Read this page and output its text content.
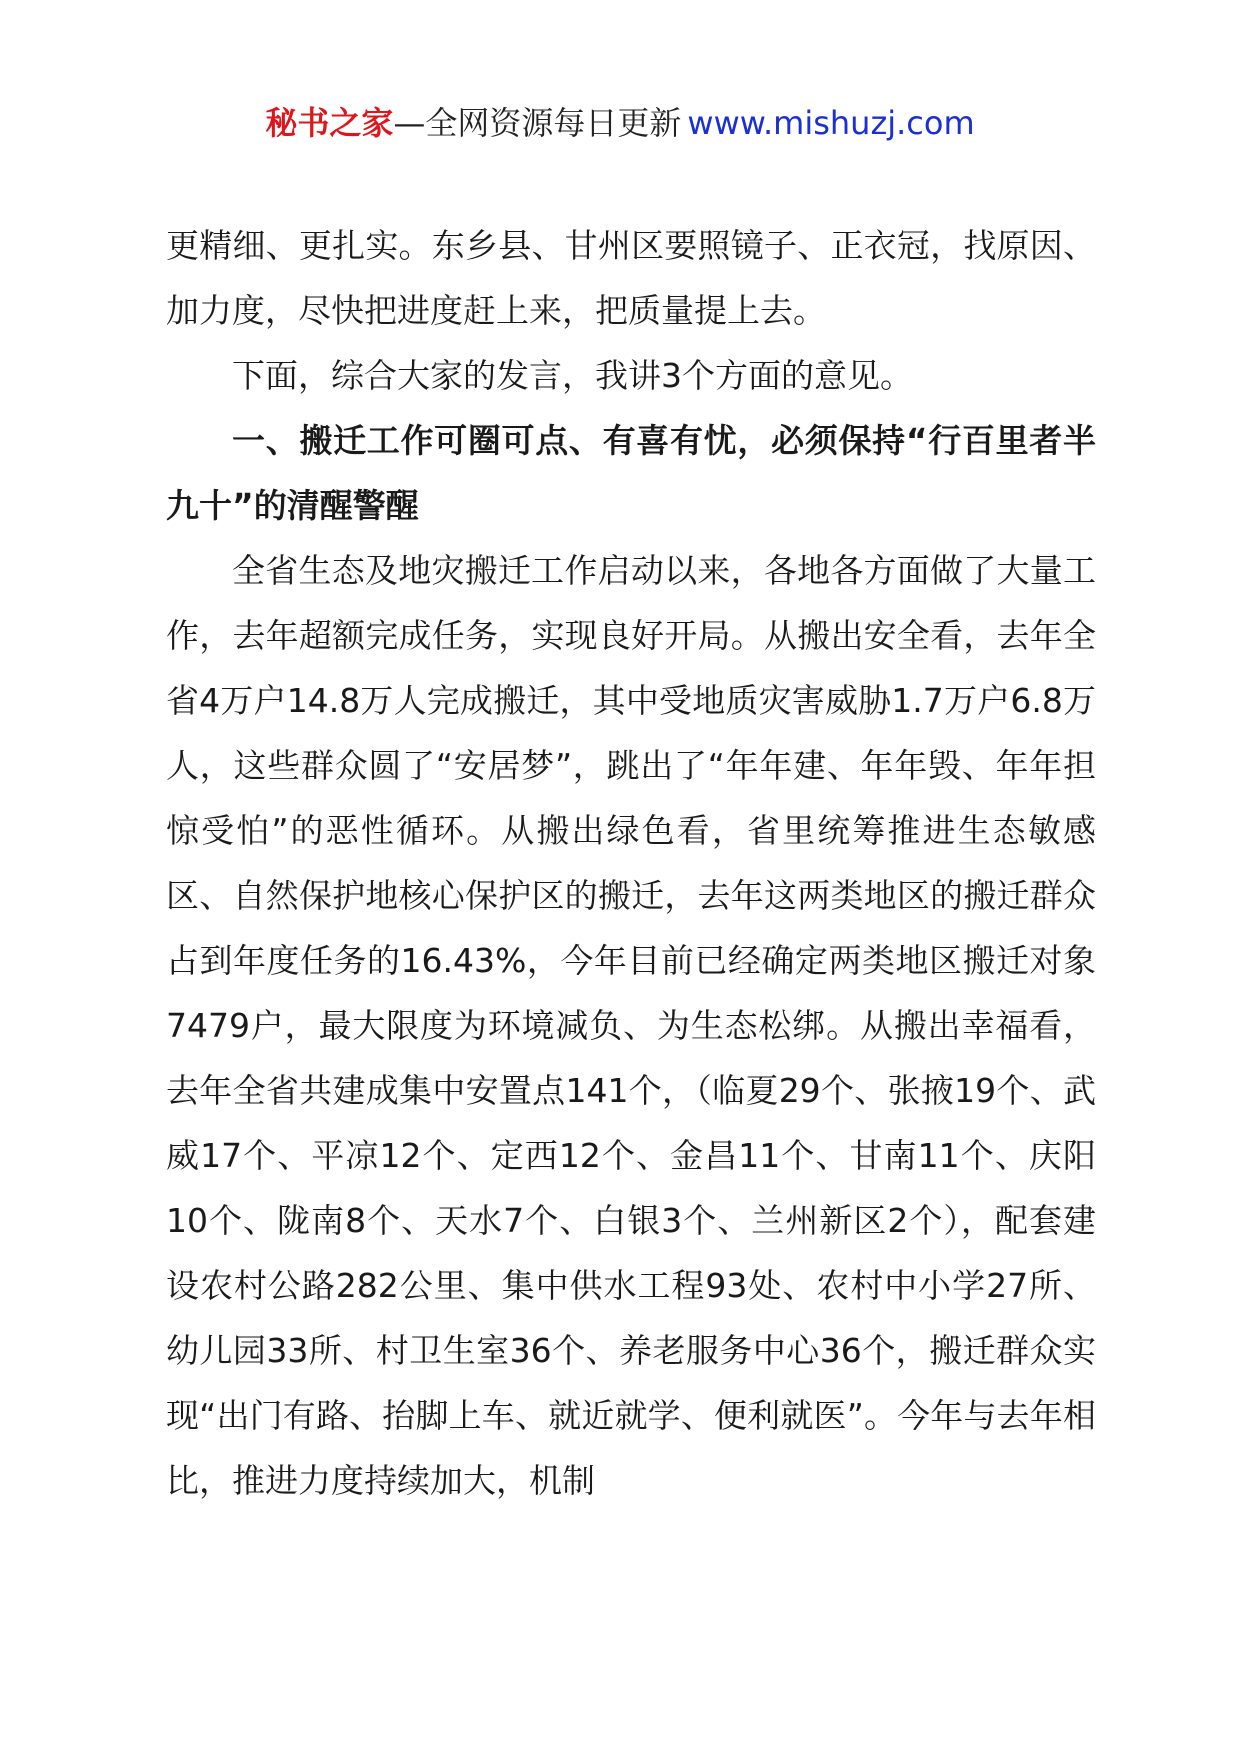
秘书之家—全网资源每日更新 www.mishuzj.com

更精细、更扎实。东乡县、甘州区要照镜子、正衣冠，找原因、加力度，尽快把进度赶上来，把质量提上去。

下面，综合大家的发言，我讲3个方面的意见。

一、搬迁工作可圈可点、有喜有忧，必须保持“行百里者半九十”的清醒警醒

全省生态及地灾搬迁工作启动以来，各地各方面做了大量工作，去年超额完成任务，实现良好开局。从搬出安全看，去年全省4万户14.8万人完成搬迁，其中受地质灾害威胁1.7万户6.8万人，这些群众圆了“安居梦”，跳出了“年年建、年年毁、年年担惊受怕”的恶性循环。从搬出绿色看，省里统筹推进生态敏感区、自然保护地核心保护区的搬迁，去年这两类地区的搬迁群众占到年度任务的16.43%，今年目前已经确定两类地区搬迁对象7479户，最大限度为环境减负、为生态松绑。从搬出幸福看，去年全省共建成集中安置点141个，（临夏29个、张掖19个、武威17个、平凉12个、定西12个、金昌11个、甘南11个、庆阳10个、陇南8个、天水7个、白银3个、兰州新区2个），配套建设农村公路282公里、集中供水工程93处、农村中小学27所、幼儿园33所、村卫生室36个、养老服务中心36个，搬迁群众实现“出门有路、抬脚上车、就近就学、便利就医”。今年与去年相比，推进力度持续加大，机制
